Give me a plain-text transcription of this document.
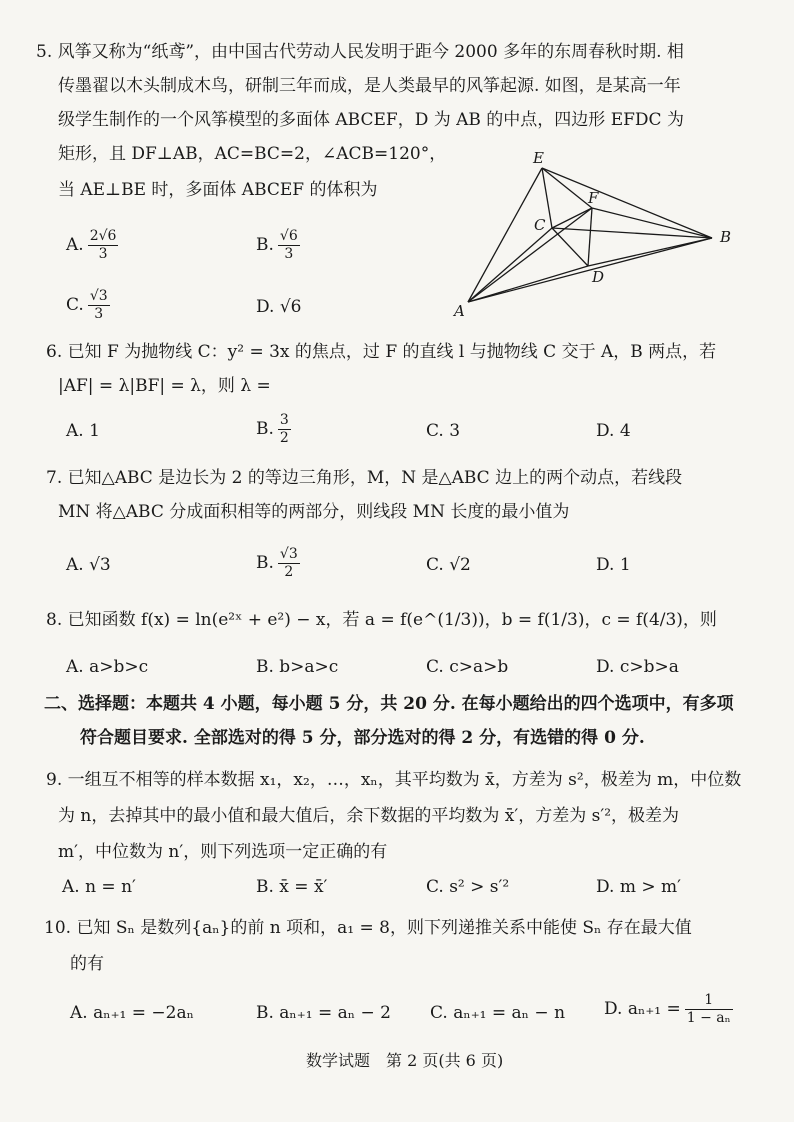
5. 风筝又称为“纸鸢”，由中国古代劳动人民发明于距今 2000 多年的东周春秋时期. 相
传墨翟以木头制成木鸟，研制三年而成，是人类最早的风筝起源. 如图，是某高一年
级学生制作的一个风筝模型的多面体 ABCEF，D 为 AB 的中点，四边形 EFDC 为
矩形，且 DF⊥AB，AC=BC=2，∠ACB=120°，
当 AE⊥BE 时，多面体 ABCEF 的体积为
A. $\frac{2√6}{3}$	B. $\frac{√6}{3}$
C. $\frac{√3}{3}$	D. √6
E
F
C
B
D
A
6. 已知 F 为抛物线 C：y² = 3x 的焦点，过 F 的直线 l 与抛物线 C 交于 A，B 两点，若
|AF| = λ|BF| = λ，则 λ =
A. 1	B. $\frac{3}{2}$	C. 3	D. 4
7. 已知△ABC 是边长为 2 的等边三角形，M，N 是△ABC 边上的两个动点，若线段
MN 将△ABC 分成面积相等的两部分，则线段 MN 长度的最小值为
A. √3	B. $\frac{√3}{2}$	C. √2	D. 1
8. 已知函数 f(x) = ln(e²ˣ + e²) − x，若 a = f(e^(1/3))，b = f(1/3)，c = f(4/3)，则
A. a>b>c	B. b>a>c	C. c>a>b	D. c>b>a
二、选择题：本题共 4 小题，每小题 5 分，共 20 分. 在每小题给出的四个选项中，有多项
符合题目要求. 全部选对的得 5 分，部分选对的得 2 分，有选错的得 0 分.
9. 一组互不相等的样本数据 x₁，x₂，…，xₙ，其平均数为 x̄，方差为 s²，极差为 m，中位数
为 n，去掉其中的最小值和最大值后，余下数据的平均数为 x̄′，方差为 s′²，极差为
m′，中位数为 n′，则下列选项一定正确的有
A. n = n′	B. x̄ = x̄′	C. s² > s′²	D. m > m′
10. 已知 Sₙ 是数列{aₙ}的前 n 项和，a₁ = 8，则下列递推关系中能使 Sₙ 存在最大值
的有
A. aₙ₊₁ = −2aₙ	B. aₙ₊₁ = aₙ − 2 C. aₙ₊₁ = aₙ − n D. $a_{n+1} = \frac{1}{\text{1 − aₙ}}$
数学试题　第 2 页(共 6 页)
